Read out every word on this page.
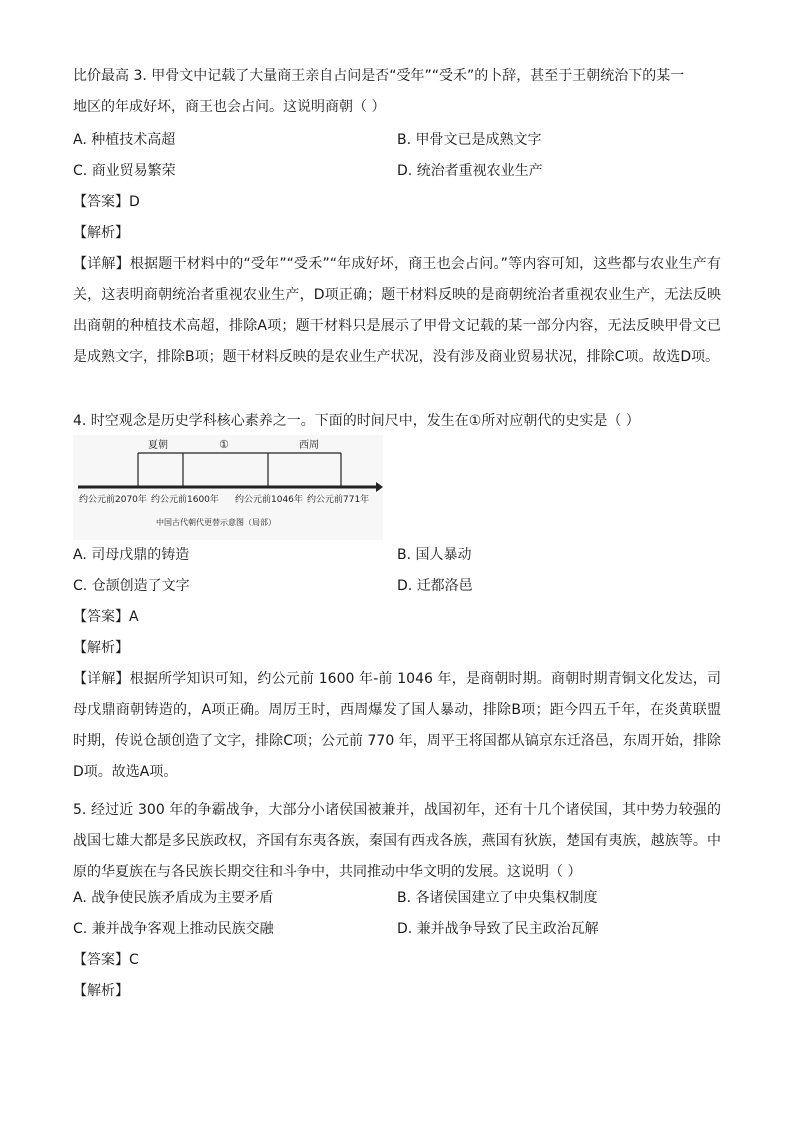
比价最高 3. 甲骨文中记载了大量商王亲自占问是否“受年”“受禾”的卜辞，甚至于王朝统治下的某一
地区的年成好坏，商王也会占问。这说明商朝（ ）
A. 种植技术高超	B. 甲骨文已是成熟文字
C. 商业贸易繁荣	D. 统治者重视农业生产
【答案】D
【解析】
【详解】根据题干材料中的“受年”“受禾”“年成好坏，商王也会占问。”等内容可知，这些都与农业生产有关，这表明商朝统治者重视农业生产，D项正确；题干材料反映的是商朝统治者重视农业生产，无法反映出商朝的种植技术高超，排除A项；题干材料只是展示了甲骨文记载的某一部分内容，无法反映甲骨文已是成熟文字，排除B项；题干材料反映的是农业生产状况，没有涉及商业贸易状况，排除C项。故选D项。
4. 时空观念是历史学科核心素养之一。下面的时间尺中，发生在①所对应朝代的史实是（ ）
夏朝	①	西周
约公元前2070年 约公元前1600年 约公元前1046年 约公元前771年
中国古代朝代更替示意图（局部）
A. 司母戊鼎的铸造	B. 国人暴动
C. 仓颉创造了文字	D. 迁都洛邑
【答案】A
【解析】
【详解】根据所学知识可知，约公元前 1600 年-前 1046 年，是商朝时期。商朝时期青铜文化发达，司母戊鼎商朝铸造的，A项正确。周厉王时，西周爆发了国人暴动，排除B项；距今四五千年，在炎黄联盟时期，传说仓颉创造了文字，排除C项；公元前 770 年，周平王将国都从镐京东迁洛邑，东周开始，排除D项。故选A项。
5. 经过近 300 年的争霸战争，大部分小诸侯国被兼并，战国初年，还有十几个诸侯国，其中势力较强的战国七雄大都是多民族政权，齐国有东夷各族，秦国有西戎各族，燕国有狄族，楚国有夷族，越族等。中原的华夏族在与各民族长期交往和斗争中，共同推动中华文明的发展。这说明（ ）
A. 战争使民族矛盾成为主要矛盾	B. 各诸侯国建立了中央集权制度
C. 兼并战争客观上推动民族交融	D. 兼并战争导致了民主政治瓦解
【答案】C
【解析】
